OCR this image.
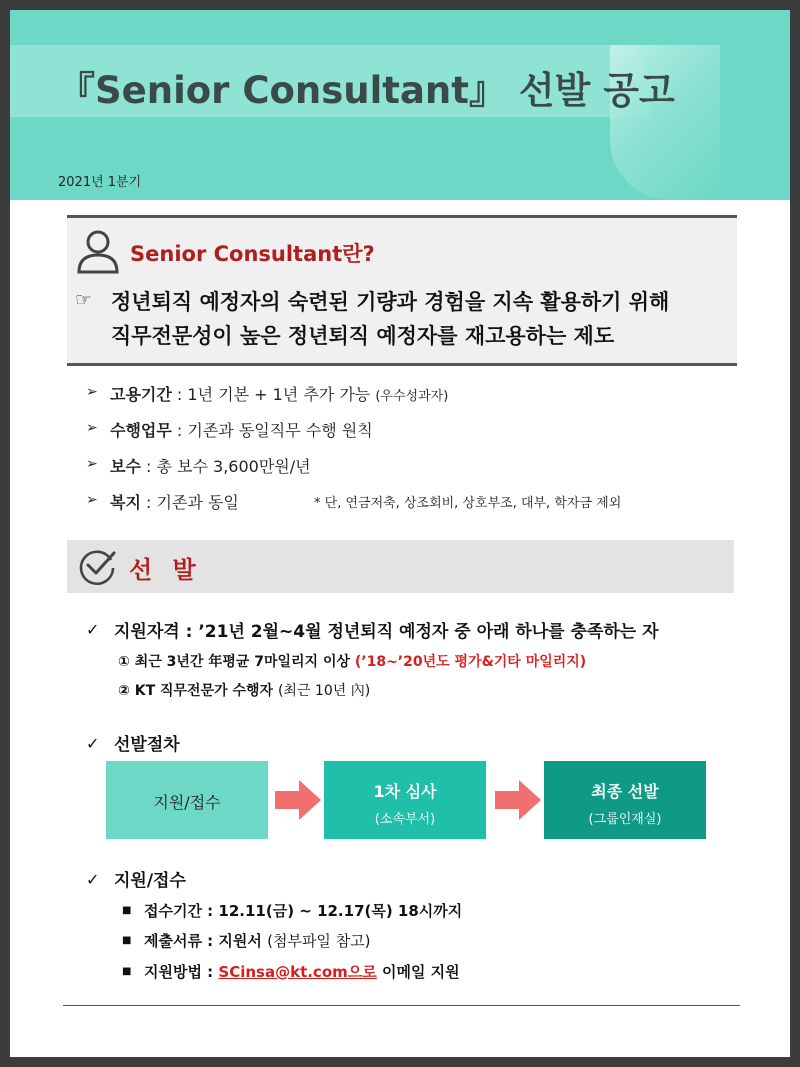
『Senior Consultant』 선발 공고
2021년 1분기
Senior Consultant란?
☞ 정년퇴직 예정자의 숙련된 기량과 경험을 지속 활용하기 위해
직무전문성이 높은 정년퇴직 예정자를 재고용하는 제도
➢ 고용기간 : 1년 기본 + 1년 추가 가능 (우수성과자)
➢ 수행업무 : 기존과 동일직무 수행 원칙
➢ 보수 : 총 보수 3,600만원/년
➢ 복지 : 기존과 동일	* 단, 연금저축, 상조회비, 상호부조, 대부, 학자금 제외
선 발
✓ 지원자격 : ’21년 2월~4월 정년퇴직 예정자 중 아래 하나를 충족하는 자
① 최근 3년간 年평균 7마일리지 이상 (’18~’20년도 평가&기타 마일리지)
② KT 직무전문가 수행자 (최근 10년 內)
✓ 선발절차
지원/접수
1차 심사
(소속부서)
최종 선발
(그룹인재실)
✓ 지원/접수
■ 접수기간 : 12.11(금) ~ 12.17(목) 18시까지
■ 제출서류 : 지원서 (첨부파일 참고)
■ 지원방법 : SCinsa@kt.com으로 이메일 지원
